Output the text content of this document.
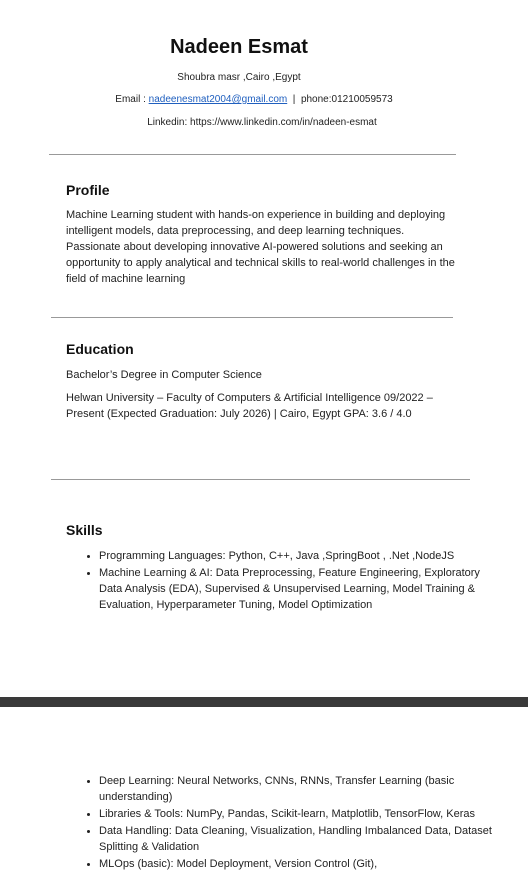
Nadeen Esmat
Shoubra masr ,Cairo ,Egypt
Email : nadeenesmat2004@gmail.com  |  phone:01210059573
Linkedin: https://www.linkedin.com/in/nadeen-esmat
Profile

Machine Learning student with hands-on experience in building and deploying intelligent models, data preprocessing, and deep learning techniques. Passionate about developing innovative AI-powered solutions and seeking an opportunity to apply analytical and technical skills to real-world challenges in the field of machine learning

Education

Bachelor’s Degree in Computer Science

Helwan University – Faculty of Computers & Artificial Intelligence 09/2022 – Present (Expected Graduation: July 2026) | Cairo, Egypt GPA: 3.6 / 4.0

Skills
• Programming Languages: Python, C++, Java ,SpringBoot , .Net ,NodeJS
• Machine Learning & AI: Data Preprocessing, Feature Engineering, Exploratory Data Analysis (EDA), Supervised & Unsupervised Learning, Model Training & Evaluation, Hyperparameter Tuning, Model Optimization
• Deep Learning: Neural Networks, CNNs, RNNs, Transfer Learning (basic understanding)
• Libraries & Tools: NumPy, Pandas, Scikit-learn, Matplotlib, TensorFlow, Keras
• Data Handling: Data Cleaning, Visualization, Handling Imbalanced Data, Dataset Splitting & Validation
• MLOps (basic): Model Deployment, Version Control (Git),
